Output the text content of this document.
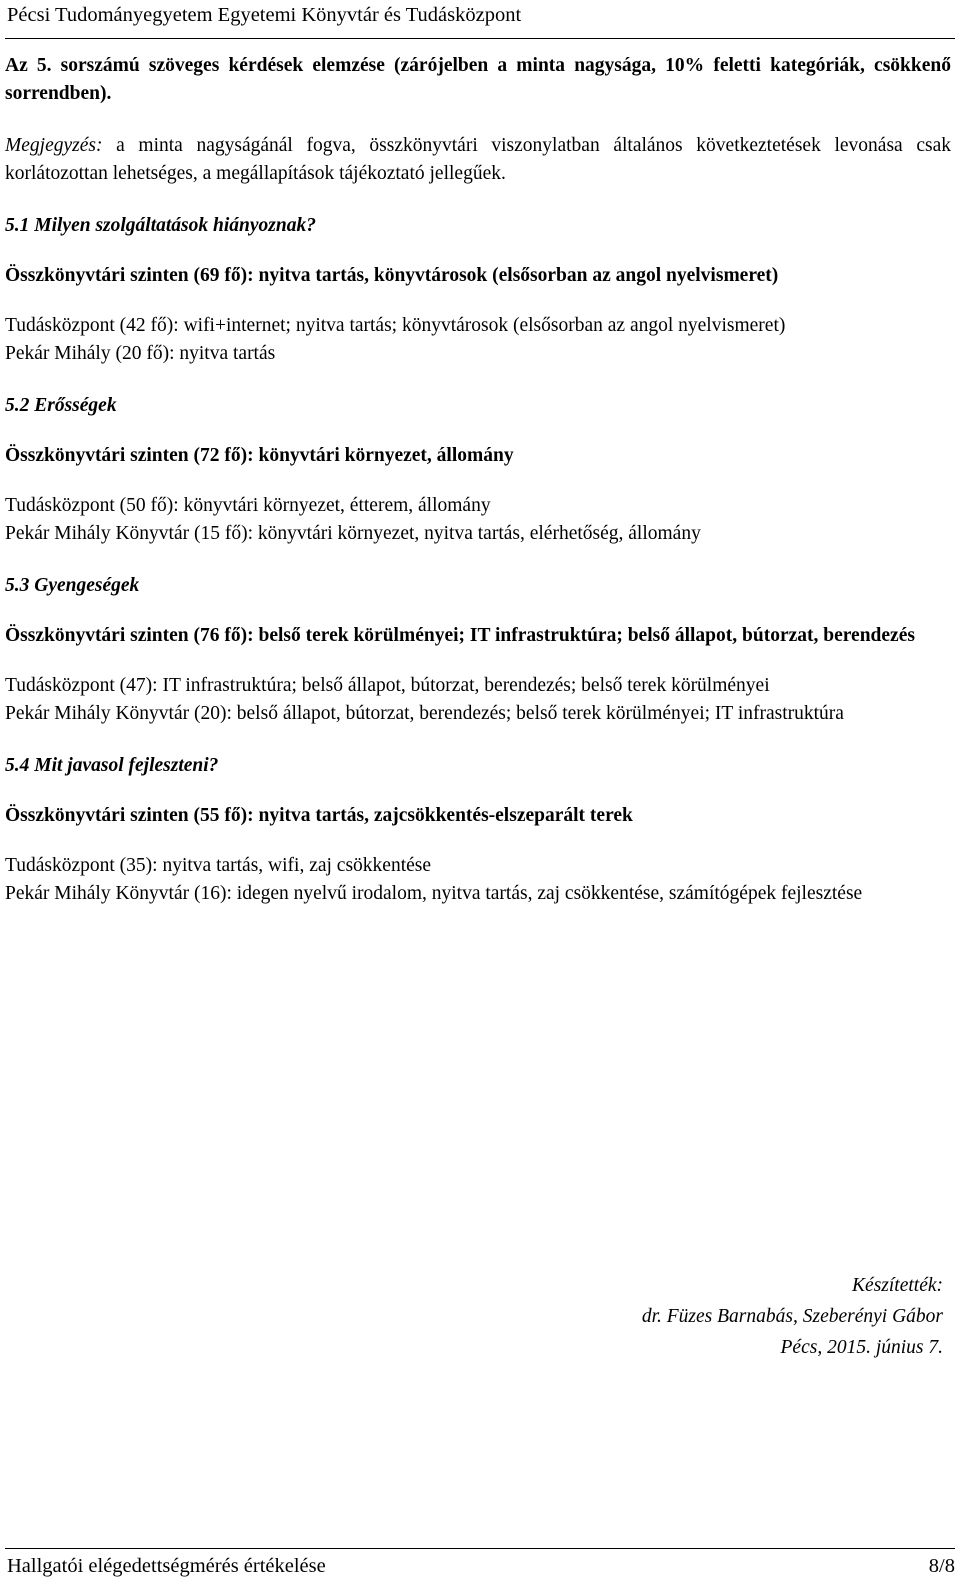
Pécsi Tudományegyetem Egyetemi Könyvtár és Tudásközpont

Az 5. sorszámú szöveges kérdések elemzése (zárójelben a minta nagysága, 10% feletti kategóriák, csökkenő sorrendben).

Megjegyzés: a minta nagyságánál fogva, összkönyvtári viszonylatban általános következtetések levonása csak korlátozottan lehetséges, a megállapítások tájékoztató jellegűek.

5.1 Milyen szolgáltatások hiányoznak?

Összkönyvtári szinten (69 fő): nyitva tartás, könyvtárosok (elsősorban az angol nyelvismeret)

Tudásközpont (42 fő): wifi+internet; nyitva tartás; könyvtárosok (elsősorban az angol nyelvismeret)

Pekár Mihály (20 fő): nyitva tartás

5.2 Erősségek

Összkönyvtári szinten (72 fő): könyvtári környezet, állomány

Tudásközpont (50 fő): könyvtári környezet, étterem, állomány

Pekár Mihály Könyvtár (15 fő): könyvtári környezet, nyitva tartás, elérhetőség, állomány

5.3 Gyengeségek

Összkönyvtári szinten (76 fő): belső terek körülményei; IT infrastruktúra; belső állapot, bútorzat, berendezés

Tudásközpont (47): IT infrastruktúra; belső állapot, bútorzat, berendezés; belső terek körülményei

Pekár Mihály Könyvtár (20): belső állapot, bútorzat, berendezés; belső terek körülményei; IT infrastruktúra

5.4 Mit javasol fejleszteni?

Összkönyvtári szinten (55 fő): nyitva tartás, zajcsökkentés-elszeparált terek

Tudásközpont (35): nyitva tartás, wifi, zaj csökkentése

Pekár Mihály Könyvtár (16): idegen nyelvű irodalom, nyitva tartás, zaj csökkentése, számítógépek fejlesztése

Készítették:
dr. Füzes Barnabás, Szeberényi Gábor
Pécs, 2015. június 7.
Hallgatói elégedettségmérés értékelése	8/8
